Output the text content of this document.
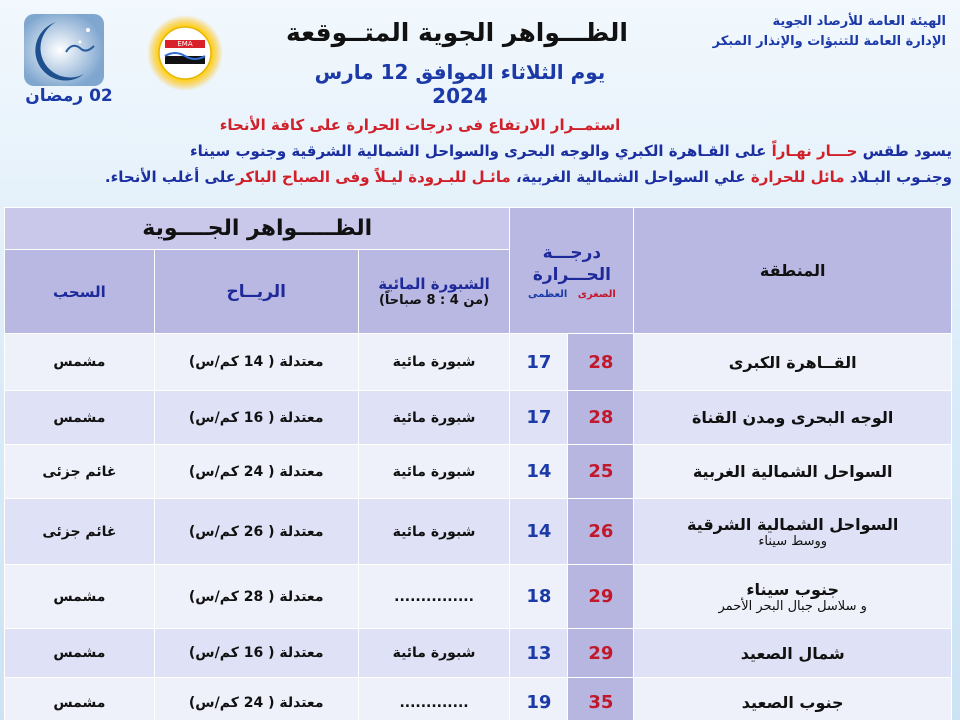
الهيئة العامة للأرصاد الجوية
الإدارة العامة للتنبؤات والإنذار المبكر
الظـــواهر الجوية المتــوقعة
يوم الثلاثاء الموافق 12 مارس 2024
EMA
02 رمضان
استمــرار الارتفاع فى درجات الحرارة على كافة الأنحاء
يسود طقس حـــار نهـاراً على القـاهرة الكبري والوجه البحرى والسواحل الشمالية الشرقية وجنوب سيناء
وجنـوب البـلاد مائل للحرارة علي السواحل الشمالية الغربية، مائـل للبـرودة ليـلاً وفى الصباح الباكرعلى أغلب الأنحاء.
الظـــــواهر الجــــوية			درجـــة
الحـــرارة
الصغرى   العظمى		المنطقة
السحب	الريــاح	الشبورة المائية
(من 4 : 8 صباحاً)			

مشمس	معتدلة ( 14 كم/س)	شبورة مائية	17	28	القــاهرة الكبرى

مشمس	معتدلة ( 16 كم/س)	شبورة مائية	17	28	الوجه البحرى ومدن القناة

غائم جزئى	معتدلة ( 24 كم/س)	شبورة مائية	14	25	السواحل الشمالية الغربية

غائم جزئى	معتدلة ( 26 كم/س)	شبورة مائية	14	26	السواحل الشمالية الشرقية
ووسط سيناء

مشمس	معتدلة ( 28 كم/س)	...............	18	29	جنوب سيناء
و سلاسل جبال البحر الأحمر

مشمس	معتدلة ( 16 كم/س)	شبورة مائية	13	29	شمال الصعيد

مشمس	معتدلة ( 24 كم/س)	.............	19	35	جنوب الصعيد
